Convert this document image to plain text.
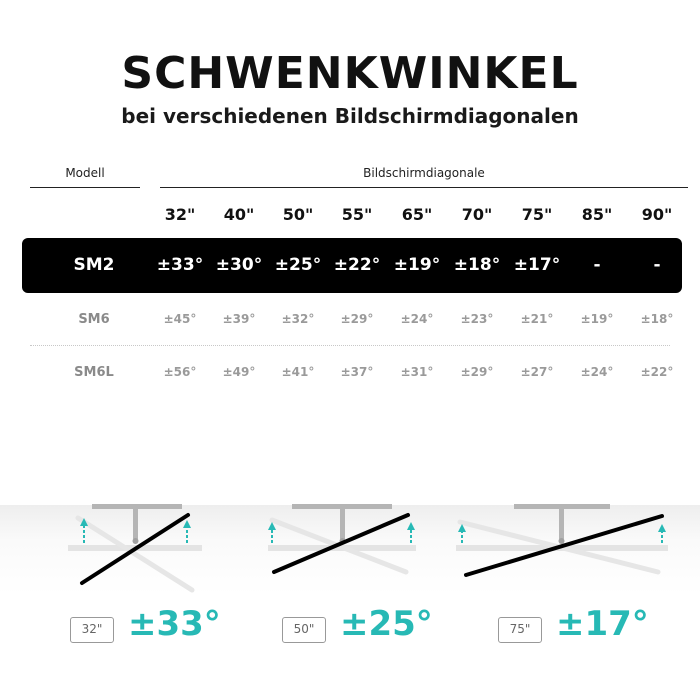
SCHWENKWINKEL
bei verschiedenen Bildschirmdiagonalen
Modell	Bildschirmdiagonale
32"	40"	50"	55"	65"	70"	75"	85"	90"
SM2	±33° ±30° ±25° ±22° ±19° ±18° ±17°	-	-
SM6	±45°	±39°	±32°	±29°	±24°	±23°	±21°	±19°	±18°
SM6L	±56°	±49°	±41°	±37°	±31°	±29°	±27°	±24°	±22°
32" ±33°	50" ±25°	75" ±17°
